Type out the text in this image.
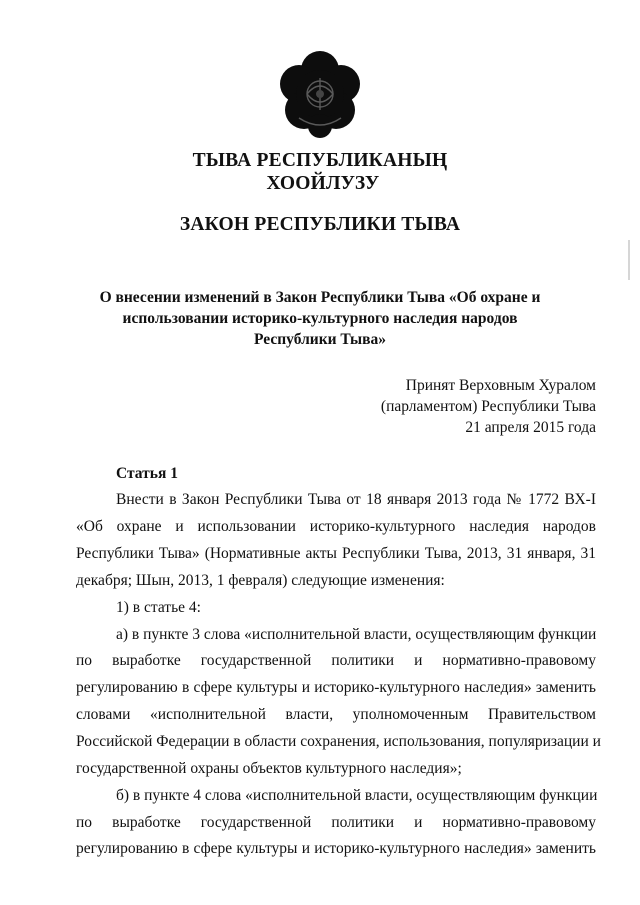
ТЫВА РЕСПУБЛИКАНЫҢ
ХООЙЛУЗУ
ЗАКОН РЕСПУБЛИКИ ТЫВА
О внесении изменений в Закон Республики Тыва «Об охране и
использовании историко-культурного наследия народов
Республики Тыва»
Принят Верховным Хуралом
(парламентом) Республики Тыва
21 апреля 2015 года
Статья 1
Внести в Закон Республики Тыва от 18 января 2013 года № 1772 ВХ-I
«Об охране и использовании историко-культурного наследия народов
Республики Тыва» (Нормативные акты Республики Тыва, 2013, 31 января, 31
декабря; Шын, 2013, 1 февраля) следующие изменения:
1) в статье 4:
а) в пункте 3 слова «исполнительной власти, осуществляющим функции
по выработке государственной политики и нормативно-правовому
регулированию в сфере культуры и историко-культурного наследия» заменить
словами «исполнительной власти, уполномоченным Правительством
Российской Федерации в области сохранения, использования, популяризации и
государственной охраны объектов культурного наследия»;
б) в пункте 4 слова «исполнительной власти, осуществляющим функции
по выработке государственной политики и нормативно-правовому
регулированию в сфере культуры и историко-культурного наследия» заменить
